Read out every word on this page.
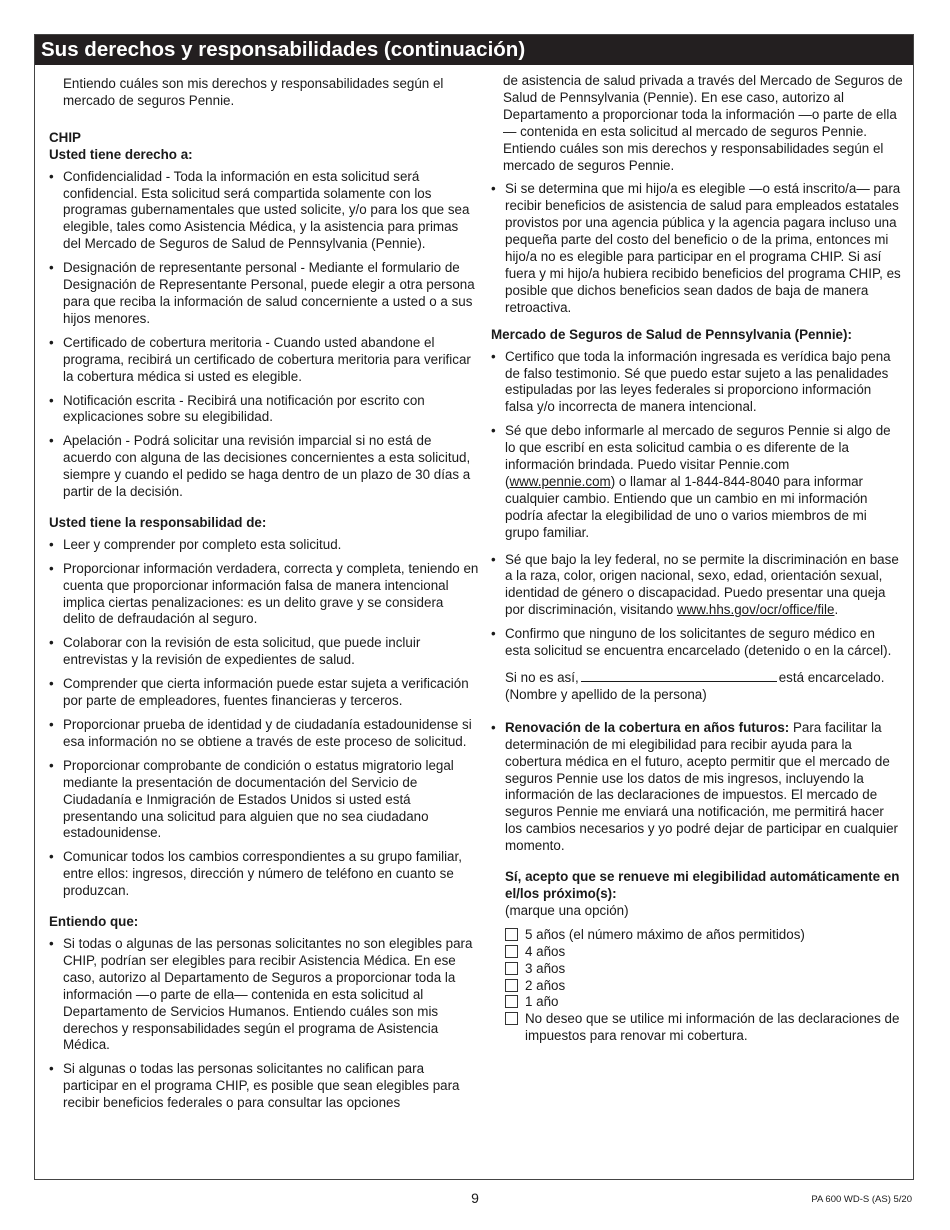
Sus derechos y responsabilidades (continuación)

Entiendo cuáles son mis derechos y responsabilidades según el mercado de seguros Pennie.

CHIP

Usted tiene derecho a:

• Confidencialidad - Toda la información en esta solicitud será confidencial. Esta solicitud será compartida solamente con los programas gubernamentales que usted solicite, y/o para los que sea elegible, tales como Asistencia Médica, y la asistencia para primas del Mercado de Seguros de Salud de Pennsylvania (Pennie).
• Designación de representante personal - Mediante el formulario de Designación de Representante Personal, puede elegir a otra persona para que reciba la información de salud concerniente a usted o a sus hijos menores.
• Certificado de cobertura meritoria - Cuando usted abandone el programa, recibirá un certificado de cobertura meritoria para verificar la cobertura médica si usted es elegible.
• Notificación escrita - Recibirá una notificación por escrito con explicaciones sobre su elegibilidad.
• Apelación - Podrá solicitar una revisión imparcial si no está de acuerdo con alguna de las decisiones concernientes a esta solicitud, siempre y cuando el pedido se haga dentro de un plazo de 30 días a partir de la decisión.

Usted tiene la responsabilidad de:

• Leer y comprender por completo esta solicitud.
• Proporcionar información verdadera, correcta y completa, teniendo en cuenta que proporcionar información falsa de manera intencional implica ciertas penalizaciones: es un delito grave y se considera delito de defraudación al seguro.
• Colaborar con la revisión de esta solicitud, que puede incluir entrevistas y la revisión de expedientes de salud.
• Comprender que cierta información puede estar sujeta a verificación por parte de empleadores, fuentes financieras y terceros.
• Proporcionar prueba de identidad y de ciudadanía estadounidense si esa información no se obtiene a través de este proceso de solicitud.
• Proporcionar comprobante de condición o estatus migratorio legal mediante la presentación de documentación del Servicio de Ciudadanía e Inmigración de Estados Unidos si usted está presentando una solicitud para alguien que no sea ciudadano estadounidense.
• Comunicar todos los cambios correspondientes a su grupo familiar, entre ellos: ingresos, dirección y número de teléfono en cuanto se produzcan.

Entiendo que:

• Si todas o algunas de las personas solicitantes no son elegibles para CHIP, podrían ser elegibles para recibir Asistencia Médica. En ese caso, autorizo al Departamento de Seguros a proporcionar toda la información —o parte de ella— contenida en esta solicitud al Departamento de Servicios Humanos. Entiendo cuáles son mis derechos y responsabilidades según el programa de Asistencia Médica.
• Si algunas o todas las personas solicitantes no califican para participar en el programa CHIP, es posible que sean elegibles para recibir beneficios federales o para consultar las opciones

de asistencia de salud privada a través del Mercado de Seguros de Salud de Pennsylvania (Pennie). En ese caso, autorizo al Departamento a proporcionar toda la información —o parte de ella— contenida en esta solicitud al mercado de seguros Pennie. Entiendo cuáles son mis derechos y responsabilidades según el mercado de seguros Pennie.

• Si se determina que mi hijo/a es elegible —o está inscrito/a— para recibir beneficios de asistencia de salud para empleados estatales provistos por una agencia pública y la agencia pagara incluso una pequeña parte del costo del beneficio o de la prima, entonces mi hijo/a no es elegible para participar en el programa CHIP. Si así fuera y mi hijo/a hubiera recibido beneficios del programa CHIP, es posible que dichos beneficios sean dados de baja de manera retroactiva.

Mercado de Seguros de Salud de Pennsylvania (Pennie):

• Certifico que toda la información ingresada es verídica bajo pena de falso testimonio. Sé que puedo estar sujeto a las penalidades estipuladas por las leyes federales si proporciono información falsa y/o incorrecta de manera intencional.
• Sé que debo informarle al mercado de seguros Pennie si algo de lo que escribí en esta solicitud cambia o es diferente de la información brindada. Puedo visitar Pennie.com (www.pennie.com) o llamar al 1-844-844-8040 para informar cualquier cambio. Entiendo que un cambio en mi información podría afectar la elegibilidad de uno o varios miembros de mi grupo familiar.
• Sé que bajo la ley federal, no se permite la discriminación en base a la raza, color, origen nacional, sexo, edad, orientación sexual, identidad de género o discapacidad. Puedo presentar una queja por discriminación, visitando www.hhs.gov/ocr/office/file.
• Confirmo que ninguno de los solicitantes de seguro médico en esta solicitud se encuentra encarcelado (detenido o en la cárcel).
Si no es así,	está encarcelado.
(Nombre y apellido de la persona)
• Renovación de la cobertura en años futuros: Para facilitar la determinación de mi elegibilidad para recibir ayuda para la cobertura médica en el futuro, acepto permitir que el mercado de seguros Pennie use los datos de mis ingresos, incluyendo la información de las declaraciones de impuestos. El mercado de seguros Pennie me enviará una notificación, me permitirá hacer los cambios necesarios y yo podré dejar de participar en cualquier momento.
Sí, acepto que se renueve mi elegibilidad automáticamente en el/los próximo(s):
(marque una opción)
5 años (el número máximo de años permitidos)
4 años
3 años
2 años
1 año
No deseo que se utilice mi información de las declaraciones de impuestos para renovar mi cobertura.
9	PA 600 WD-S (AS) 5/20
